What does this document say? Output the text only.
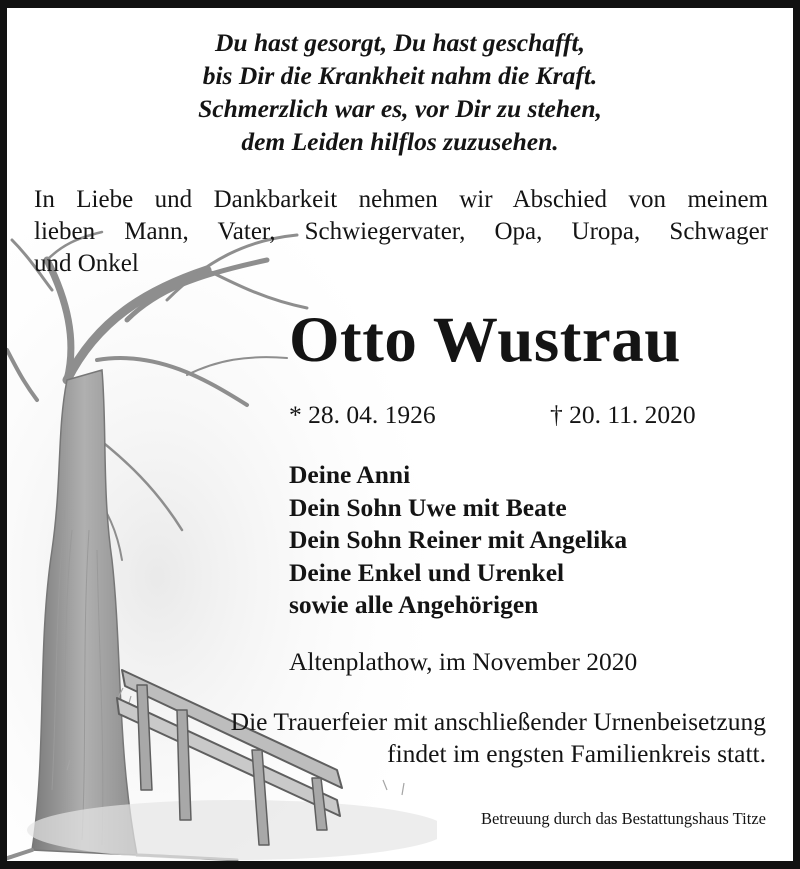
Du hast gesorgt, Du hast geschafft,
bis Dir die Krankheit nahm die Kraft.
Schmerzlich war es, vor Dir zu stehen,
dem Leiden hilflos zuzusehen.
In Liebe und Dankbarkeit nehmen wir Abschied von meinem
lieben Mann, Vater, Schwiegervater, Opa, Uropa, Schwager
und Onkel
Otto Wustrau
* 28. 04. 1926	† 20. 11. 2020
Deine Anni
Dein Sohn Uwe mit Beate
Dein Sohn Reiner mit Angelika
Deine Enkel und Urenkel
sowie alle Angehörigen
Altenplathow, im November 2020
Die Trauerfeier mit anschließender Urnenbeisetzung
findet im engsten Familienkreis statt.
Betreuung durch das Bestattungshaus Titze
